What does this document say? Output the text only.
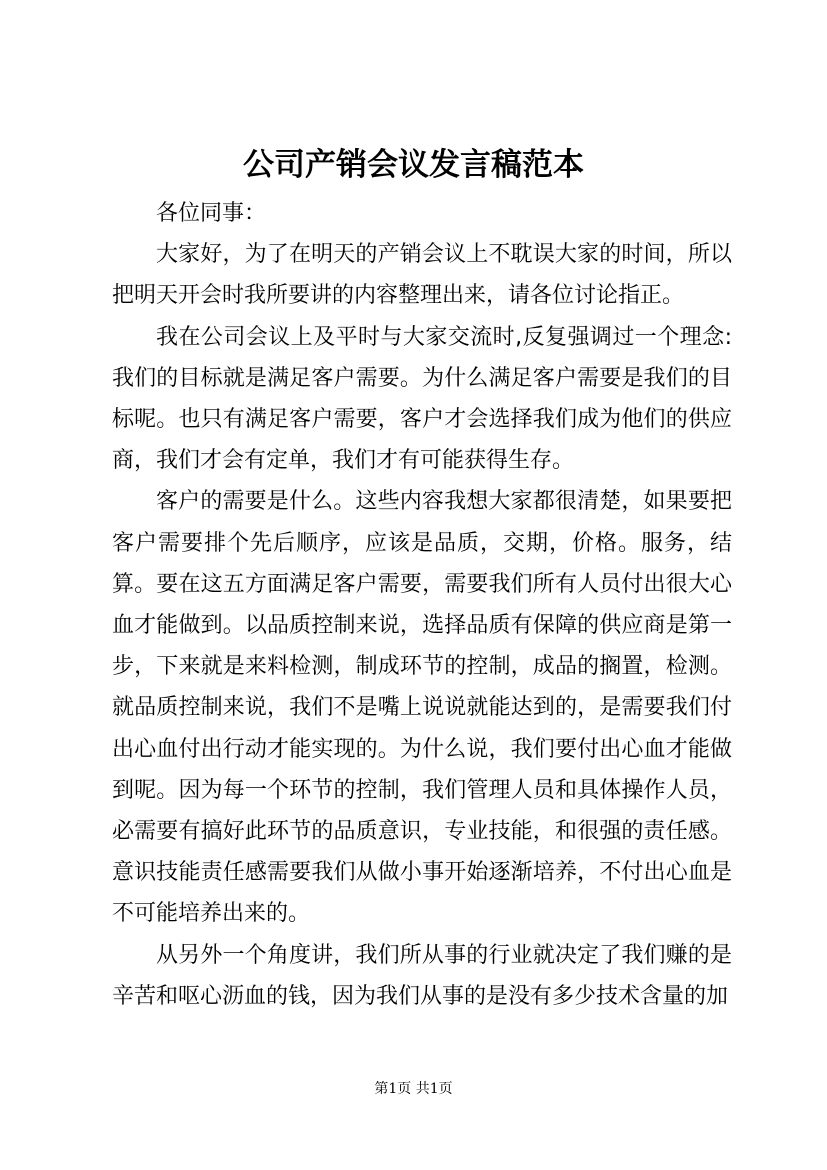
公司产销会议发言稿范本

各位同事：

大家好，为了在明天的产销会议上不耽误大家的时间，所以把明天开会时我所要讲的内容整理出来，请各位讨论指正。

我在公司会议上及平时与大家交流时,反复强调过一个理念:我们的目标就是满足客户需要。为什么满足客户需要是我们的目标呢。也只有满足客户需要，客户才会选择我们成为他们的供应商，我们才会有定单，我们才有可能获得生存。

客户的需要是什么。这些内容我想大家都很清楚，如果要把客户需要排个先后顺序，应该是品质，交期，价格。服务，结算。要在这五方面满足客户需要，需要我们所有人员付出很大心血才能做到。以品质控制来说，选择品质有保障的供应商是第一步，下来就是来料检测，制成环节的控制，成品的搁置，检测。就品质控制来说，我们不是嘴上说说就能达到的，是需要我们付出心血付出行动才能实现的。为什么说，我们要付出心血才能做到呢。因为每一个环节的控制，我们管理人员和具体操作人员，必需要有搞好此环节的品质意识，专业技能，和很强的责任感。意识技能责任感需要我们从做小事开始逐渐培养，不付出心血是不可能培养出来的。

从另外一个角度讲，我们所从事的行业就决定了我们赚的是辛苦和呕心沥血的钱，因为我们从事的是没有多少技术含量的加

第1页 共1页
